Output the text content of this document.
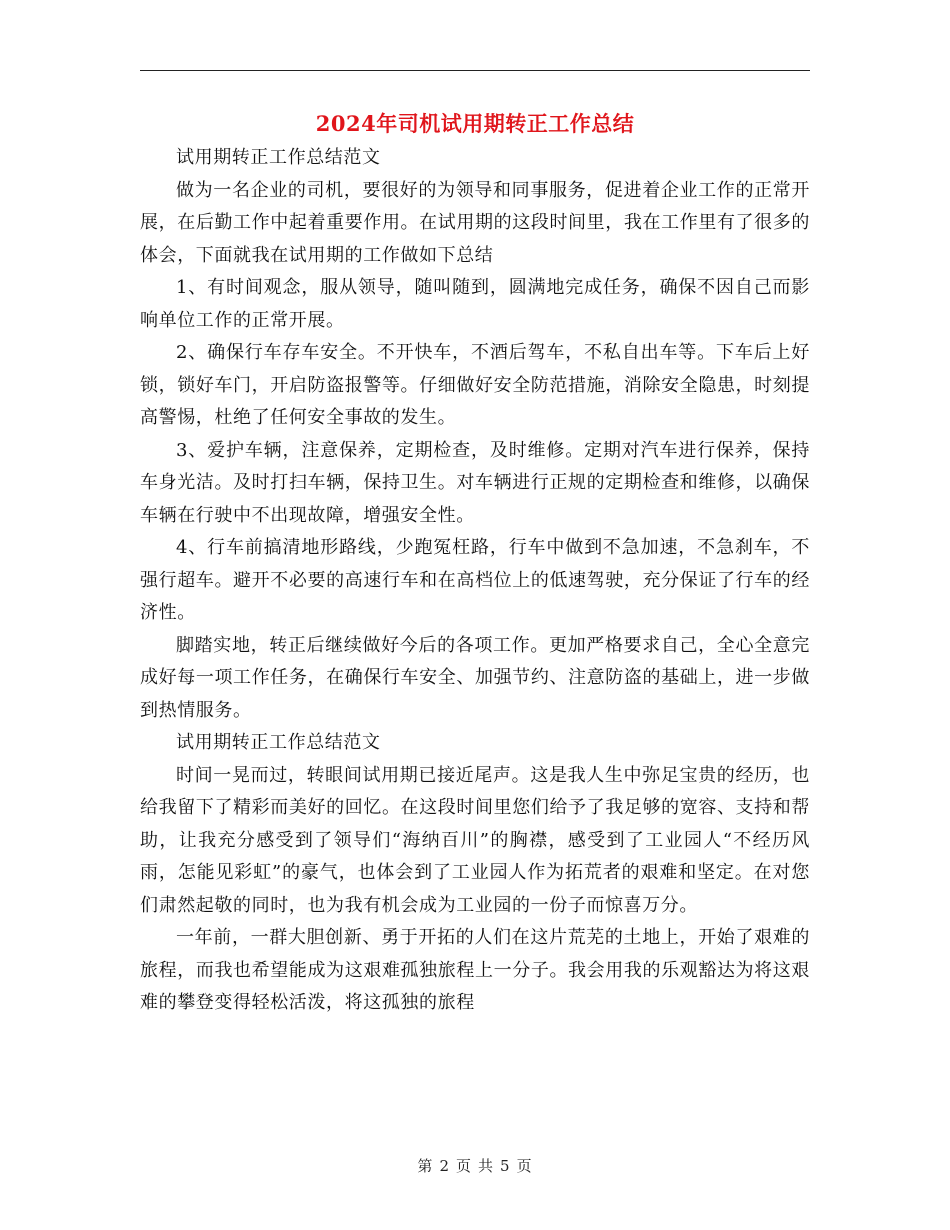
2024年司机试用期转正工作总结

试用期转正工作总结范文

做为一名企业的司机，要很好的为领导和同事服务，促进着企业工作的正常开展，在后勤工作中起着重要作用。在试用期的这段时间里，我在工作里有了很多的体会，下面就我在试用期的工作做如下总结

1、有时间观念，服从领导，随叫随到，圆满地完成任务，确保不因自己而影响单位工作的正常开展。

2、确保行车存车安全。不开快车，不酒后驾车，不私自出车等。下车后上好锁，锁好车门，开启防盗报警等。仔细做好安全防范措施，消除安全隐患，时刻提高警惕，杜绝了任何安全事故的发生。

3、爱护车辆，注意保养，定期检查，及时维修。定期对汽车进行保养，保持车身光洁。及时打扫车辆，保持卫生。对车辆进行正规的定期检查和维修，以确保车辆在行驶中不出现故障，增强安全性。

4、行车前搞清地形路线，少跑冤枉路，行车中做到不急加速，不急刹车，不强行超车。避开不必要的高速行车和在高档位上的低速驾驶，充分保证了行车的经济性。

脚踏实地，转正后继续做好今后的各项工作。更加严格要求自己，全心全意完成好每一项工作任务，在确保行车安全、加强节约、注意防盗的基础上，进一步做到热情服务。

试用期转正工作总结范文

时间一晃而过，转眼间试用期已接近尾声。这是我人生中弥足宝贵的经历，也给我留下了精彩而美好的回忆。在这段时间里您们给予了我足够的宽容、支持和帮助，让我充分感受到了领导们“海纳百川”的胸襟，感受到了工业园人“不经历风雨，怎能见彩虹”的豪气，也体会到了工业园人作为拓荒者的艰难和坚定。在对您们肃然起敬的同时，也为我有机会成为工业园的一份子而惊喜万分。

一年前，一群大胆创新、勇于开拓的人们在这片荒芜的土地上，开始了艰难的旅程，而我也希望能成为这艰难孤独旅程上一分子。我会用我的乐观豁达为将这艰难的攀登变得轻松活泼，将这孤独的旅程

第 2 页 共 5 页
